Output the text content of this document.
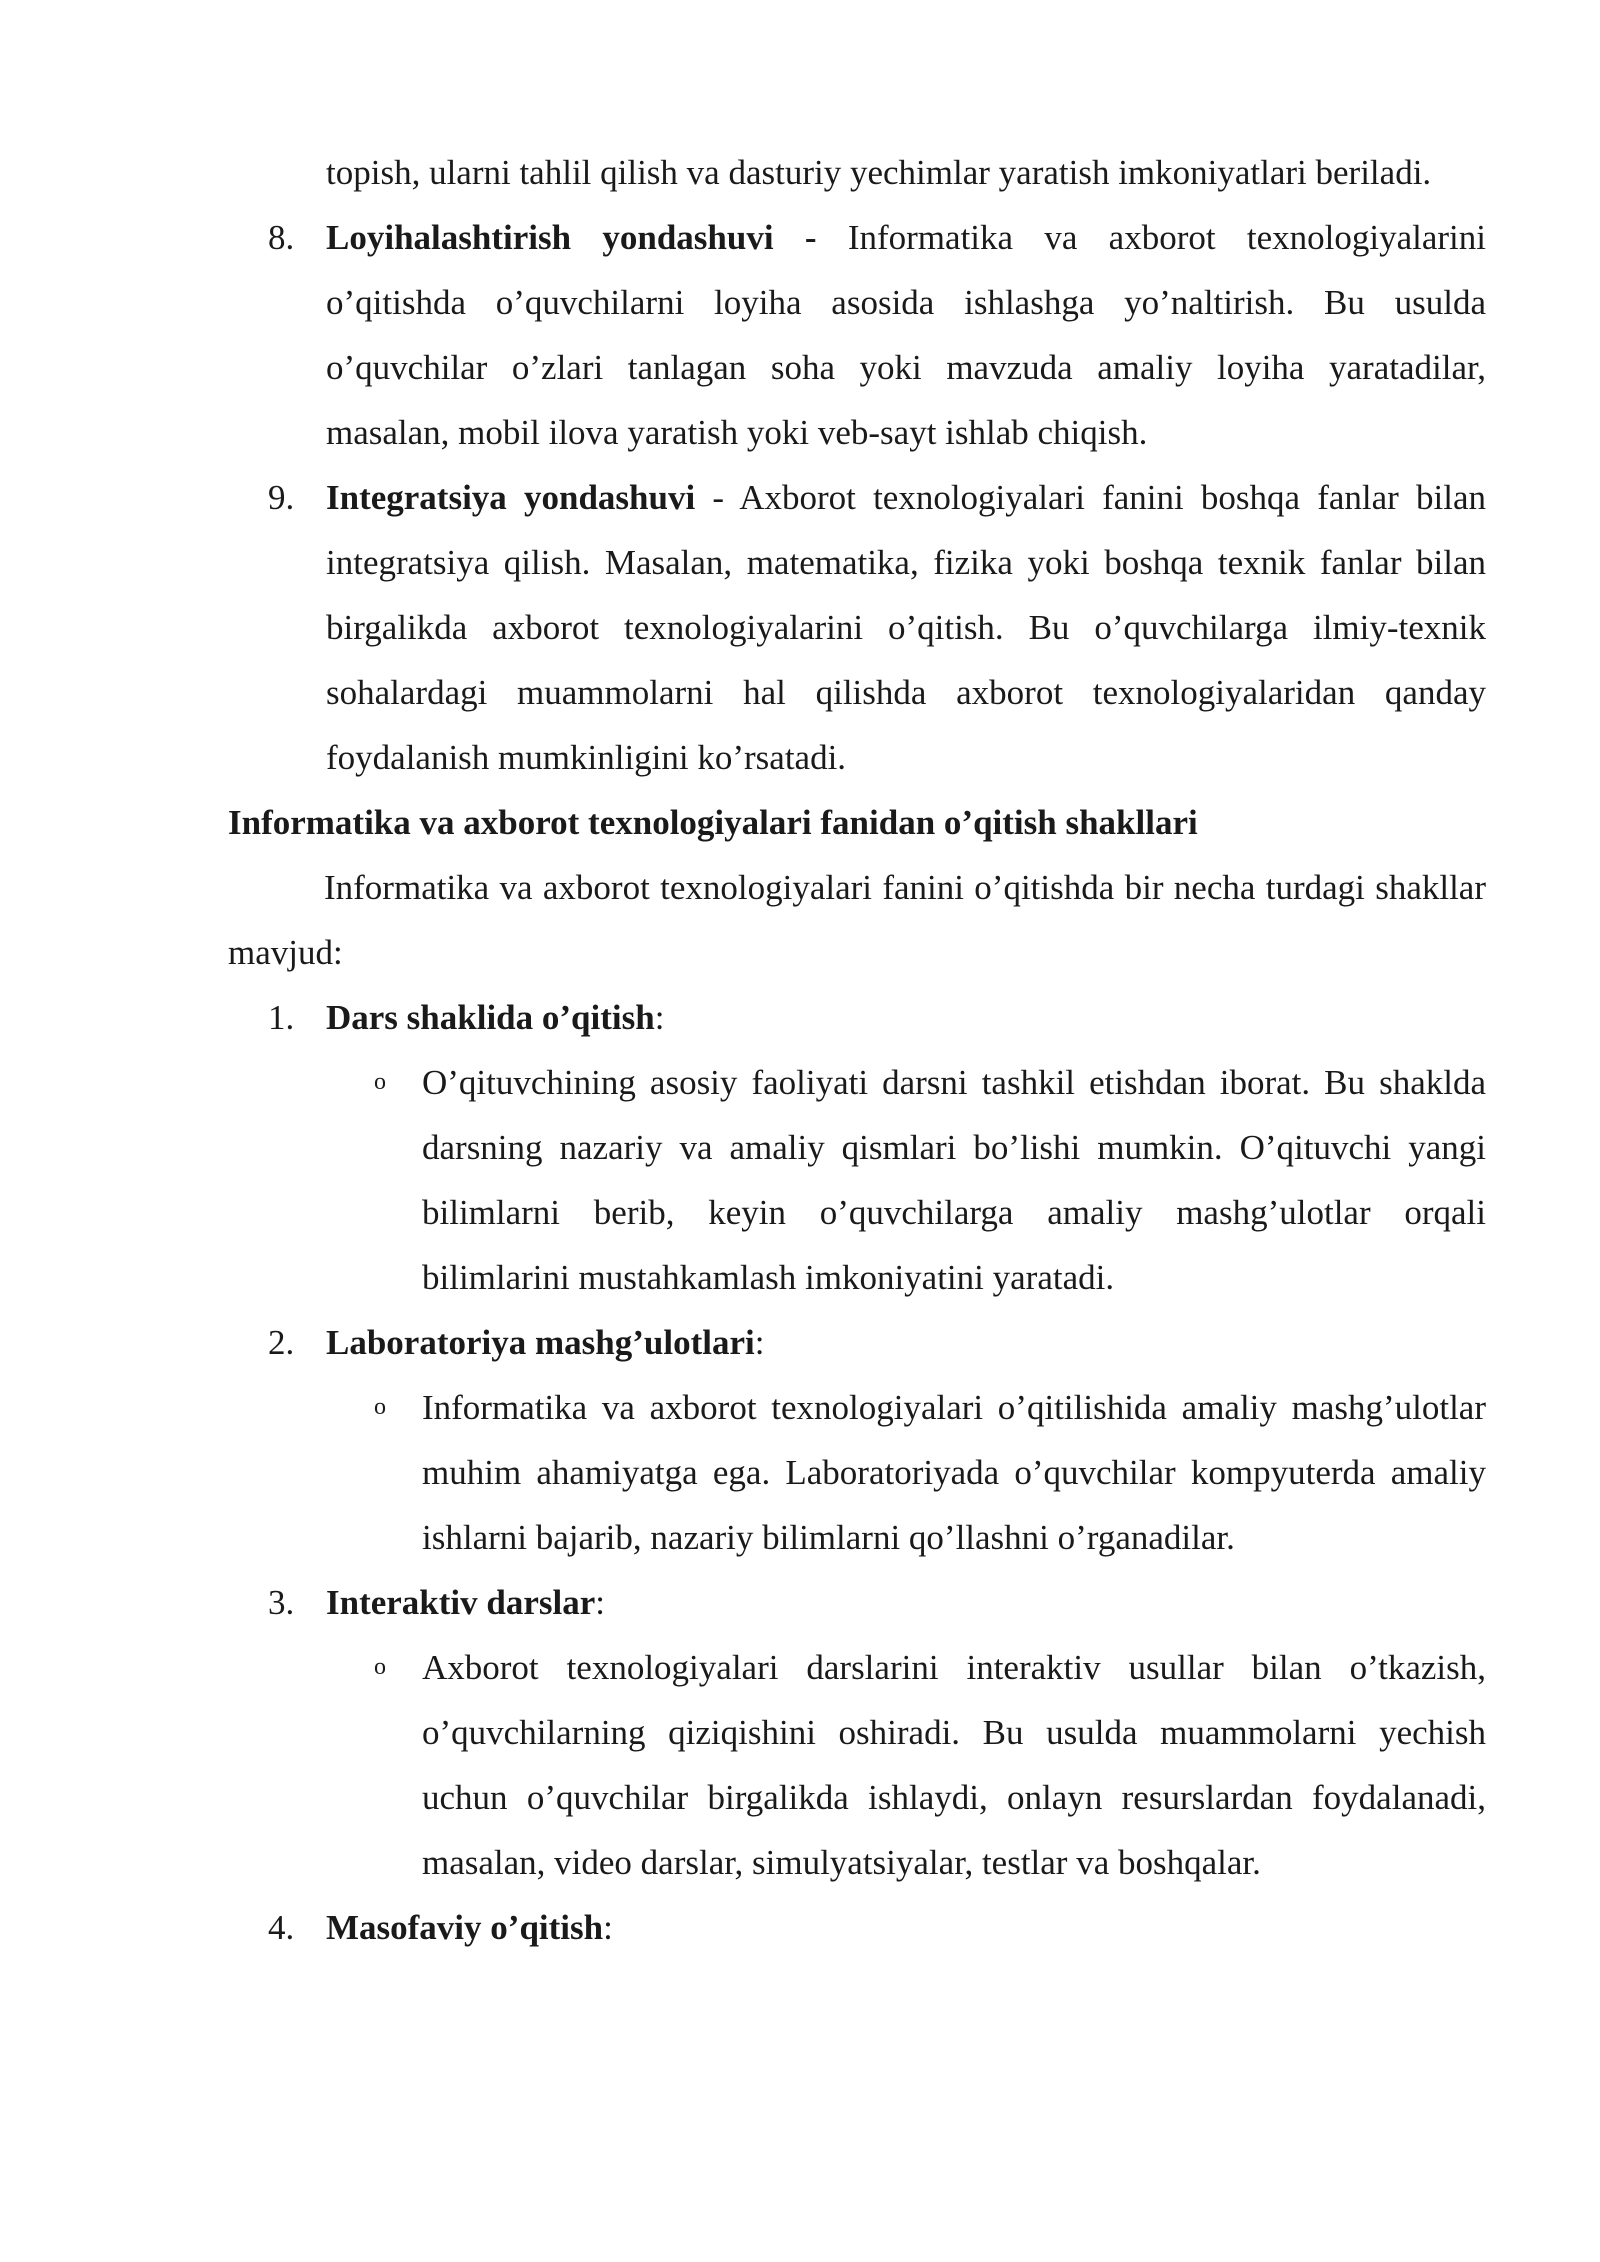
topish, ularni tahlil qilish va dasturiy yechimlar yaratish imkoniyatlari beriladi.
8. Loyihalashtirish yondashuvi - Informatika va axborot texnologiyalarini o’qitishda o’quvchilarni loyiha asosida ishlashga yo’naltirish. Bu usulda o’quvchilar o’zlari tanlagan soha yoki mavzuda amaliy loyiha yaratadilar, masalan, mobil ilova yaratish yoki veb-sayt ishlab chiqish.
9. Integratsiya yondashuvi - Axborot texnologiyalari fanini boshqa fanlar bilan integratsiya qilish. Masalan, matematika, fizika yoki boshqa texnik fanlar bilan birgalikda axborot texnologiyalarini o’qitish. Bu o’quvchilarga ilmiy-texnik sohalardagi muammolarni hal qilishda axborot texnologiyalaridan qanday foydalanish mumkinligini ko’rsatadi.
Informatika va axborot texnologiyalari fanidan o’qitish shakllari
Informatika va axborot texnologiyalari fanini o’qitishda bir necha turdagi shakllar mavjud:
1. Dars shaklida o’qitish:
o O’qituvchining asosiy faoliyati darsni tashkil etishdan iborat. Bu shaklda darsning nazariy va amaliy qismlari bo’lishi mumkin. O’qituvchi yangi bilimlarni berib, keyin o’quvchilarga amaliy mashg’ulotlar orqali bilimlarini mustahkamlash imkoniyatini yaratadi.
2. Laboratoriya mashg’ulotlari:
o Informatika va axborot texnologiyalari o’qitilishida amaliy mashg’ulotlar muhim ahamiyatga ega. Laboratoriyada o’quvchilar kompyuterda amaliy ishlarni bajarib, nazariy bilimlarni qo’llashni o’rganadilar.
3. Interaktiv darslar:
o Axborot texnologiyalari darslarini interaktiv usullar bilan o’tkazish, o’quvchilarning qiziqishini oshiradi. Bu usulda muammolarni yechish uchun o’quvchilar birgalikda ishlaydi, onlayn resurslardan foydalanadi, masalan, video darslar, simulyatsiyalar, testlar va boshqalar.
4. Masofaviy o’qitish:
